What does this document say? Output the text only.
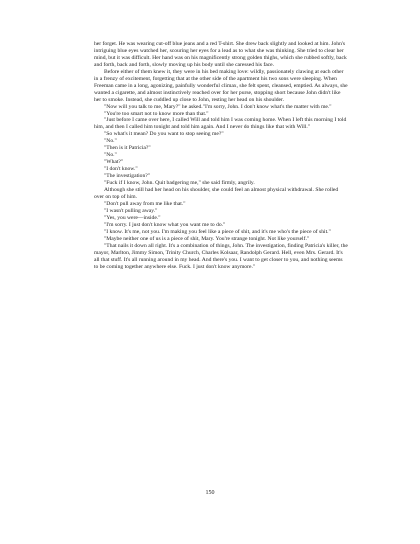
her forget. He was wearing cut-off blue jeans and a red T-shirt. She drew back slightly and looked at him. John's intriguing blue eyes watched her, scouring her eyes for a lead as to what she was thinking. She tried to clear her mind, but it was difficult. Her hand was on his magnificently strong golden thighs, which she rubbed softly, back and forth, back and forth, slowly moving up his body until she caressed his face.

Before either of them knew it, they were in his bed making love: wildly, passionately clawing at each other in a frenzy of excitement, forgetting that at the other side of the apartment his two sons were sleeping. When Freeman came in a long, agonizing, painfully wonderful climax, she felt spent, cleansed, emptied. As always, she wanted a cigarette, and almost instinctively reached over for her purse, stopping short because John didn't like her to smoke. Instead, she cuddled up close to John, resting her head on his shoulder.

"Now will you talk to me, Mary?" he asked."I'm sorry, John. I don't know what's the matter with me."

"You're too smart not to know more than that."

"Just before I came over here, I called Will and told him I was coming home. When I left this morning I told him, and then I called him tonight and told him again. And I never do things like that with Will."

"So what's it mean? Do you want to stop seeing me?"

"No."

"Then is it Patricia?"

"No."

"What?"

"I don't know."

"The investigation?"

"Fuck if I know, John. Quit badgering me," she said firmly, angrily.

Although she still had her head on his shoulder, she could feel an almost physical withdrawal. She rolled over on top of him.

"Don't pull away from me like that."

"I wasn't pulling away."

"Yes, you were—inside."

"I'm sorry. I just don't know what you want me to do."

"I know. It's me, not you. I'm making you feel like a piece of shit, and it's me who's the piece of shit."

"Maybe neither one of us is a piece of shit, Mary. You're strange tonight. Not like yourself."

"That nails it down all right. It's a combination of things, John. The investigation, finding Patricia's killer, the mayor, Marlton, Jimmy Simon, Trinity Church, Charles Kolsaar, Randolph Gerard. Hell, even Mrs. Gerard. It's all that stuff. It's all running around in my head. And there's you. I want to get closer to you, and nothing seems to be coming together anywhere else. Fuck. I just don't know anymore."

150
